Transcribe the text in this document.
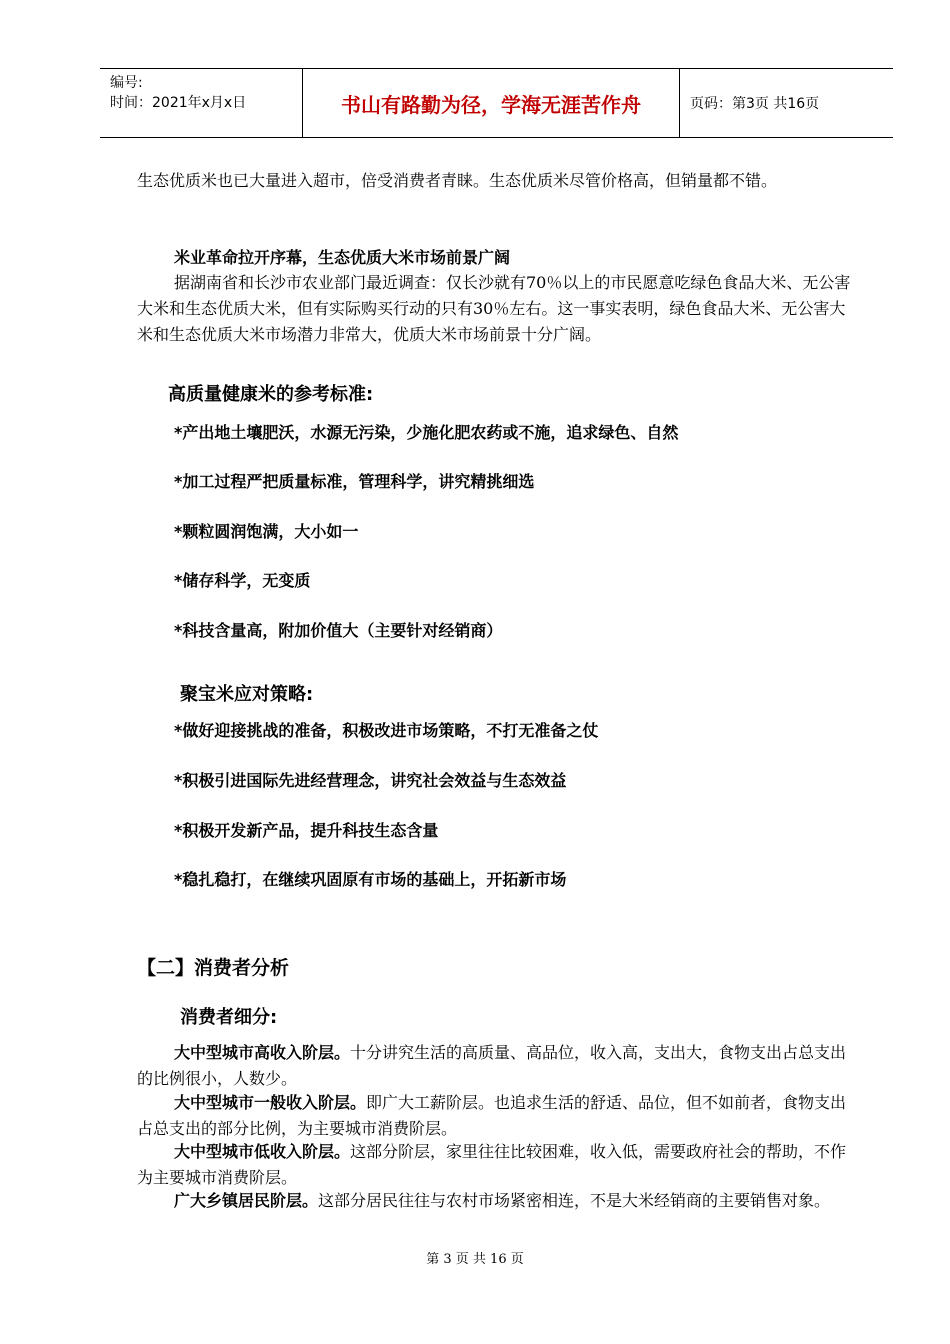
编号:
时间：2021年x月x日	书山有路勤为径，学海无涯苦作舟	页码：第3页 共16页
生态优质米也已大量进入超市，倍受消费者青睐。生态优质米尽管价格高，但销量都不错。
米业革命拉开序幕，生态优质大米市场前景广阔
据湖南省和长沙市农业部门最近调查：仅长沙就有70％以上的市民愿意吃绿色食品大米、无公害大米和生态优质大米，但有实际购买行动的只有30％左右。这一事实表明，绿色食品大米、无公害大米和生态优质大米市场潜力非常大，优质大米市场前景十分广阔。
高质量健康米的参考标准:
*产出地土壤肥沃，水源无污染，少施化肥农药或不施，追求绿色、自然
*加工过程严把质量标准，管理科学，讲究精挑细选
*颗粒圆润饱满，大小如一
*储存科学，无变质
*科技含量高，附加价值大（主要针对经销商）
聚宝米应对策略:
*做好迎接挑战的准备，积极改进市场策略，不打无准备之仗
*积极引进国际先进经营理念，讲究社会效益与生态效益
*积极开发新产品，提升科技生态含量
*稳扎稳打，在继续巩固原有市场的基础上，开拓新市场
【二】消费者分析
消费者细分:
大中型城市高收入阶层。十分讲究生活的高质量、高品位，收入高，支出大，食物支出占总支出的比例很小，人数少。
大中型城市一般收入阶层。即广大工薪阶层。也追求生活的舒适、品位，但不如前者，食物支出占总支出的部分比例，为主要城市消费阶层。
大中型城市低收入阶层。这部分阶层，家里往往比较困难，收入低，需要政府社会的帮助，不作为主要城市消费阶层。
广大乡镇居民阶层。这部分居民往往与农村市场紧密相连，不是大米经销商的主要销售对象。
第 3 页 共 16 页
